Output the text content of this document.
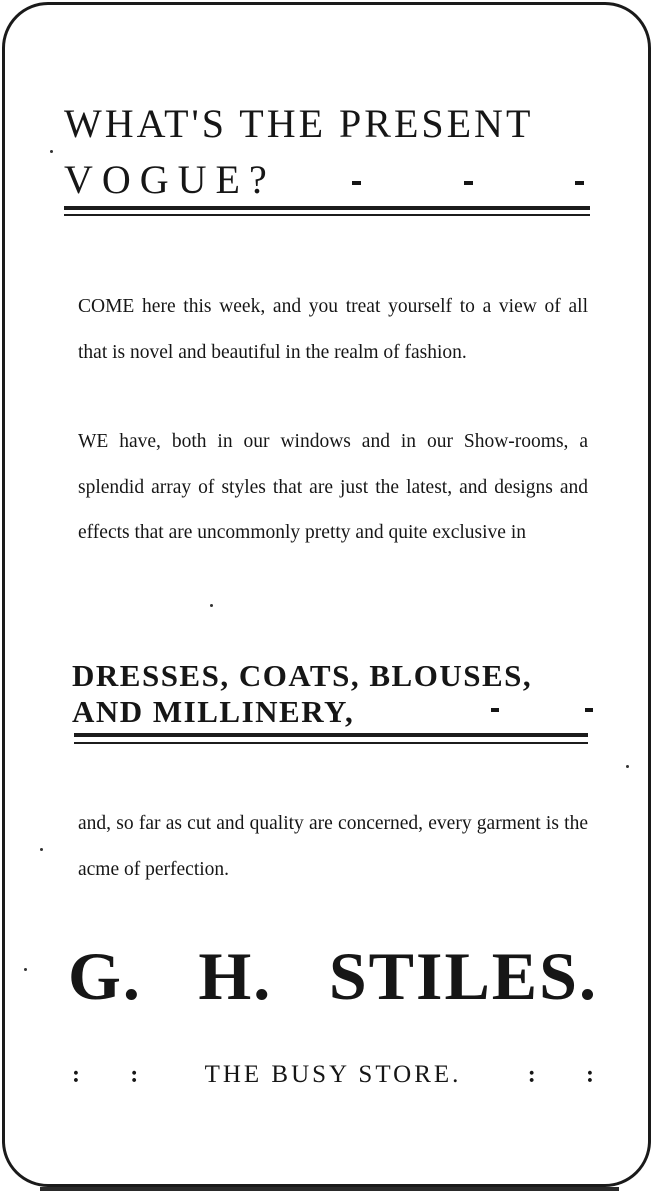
WHAT'S THE PRESENT
VOGUE?

COME here this week, and you treat yourself to a view of all that is novel and beautiful in the realm of fashion.

WE have, both in our windows and in our Show-rooms, a splendid array of styles that are just the latest, and designs and effects that are uncommonly pretty and quite exclusive in

DRESSES, COATS, BLOUSES,
AND MILLINERY,

and, so far as cut and quality are concerned, every garment is the acme of perfection.

G. H. STILES.
: :	THE BUSY STORE.	: :
